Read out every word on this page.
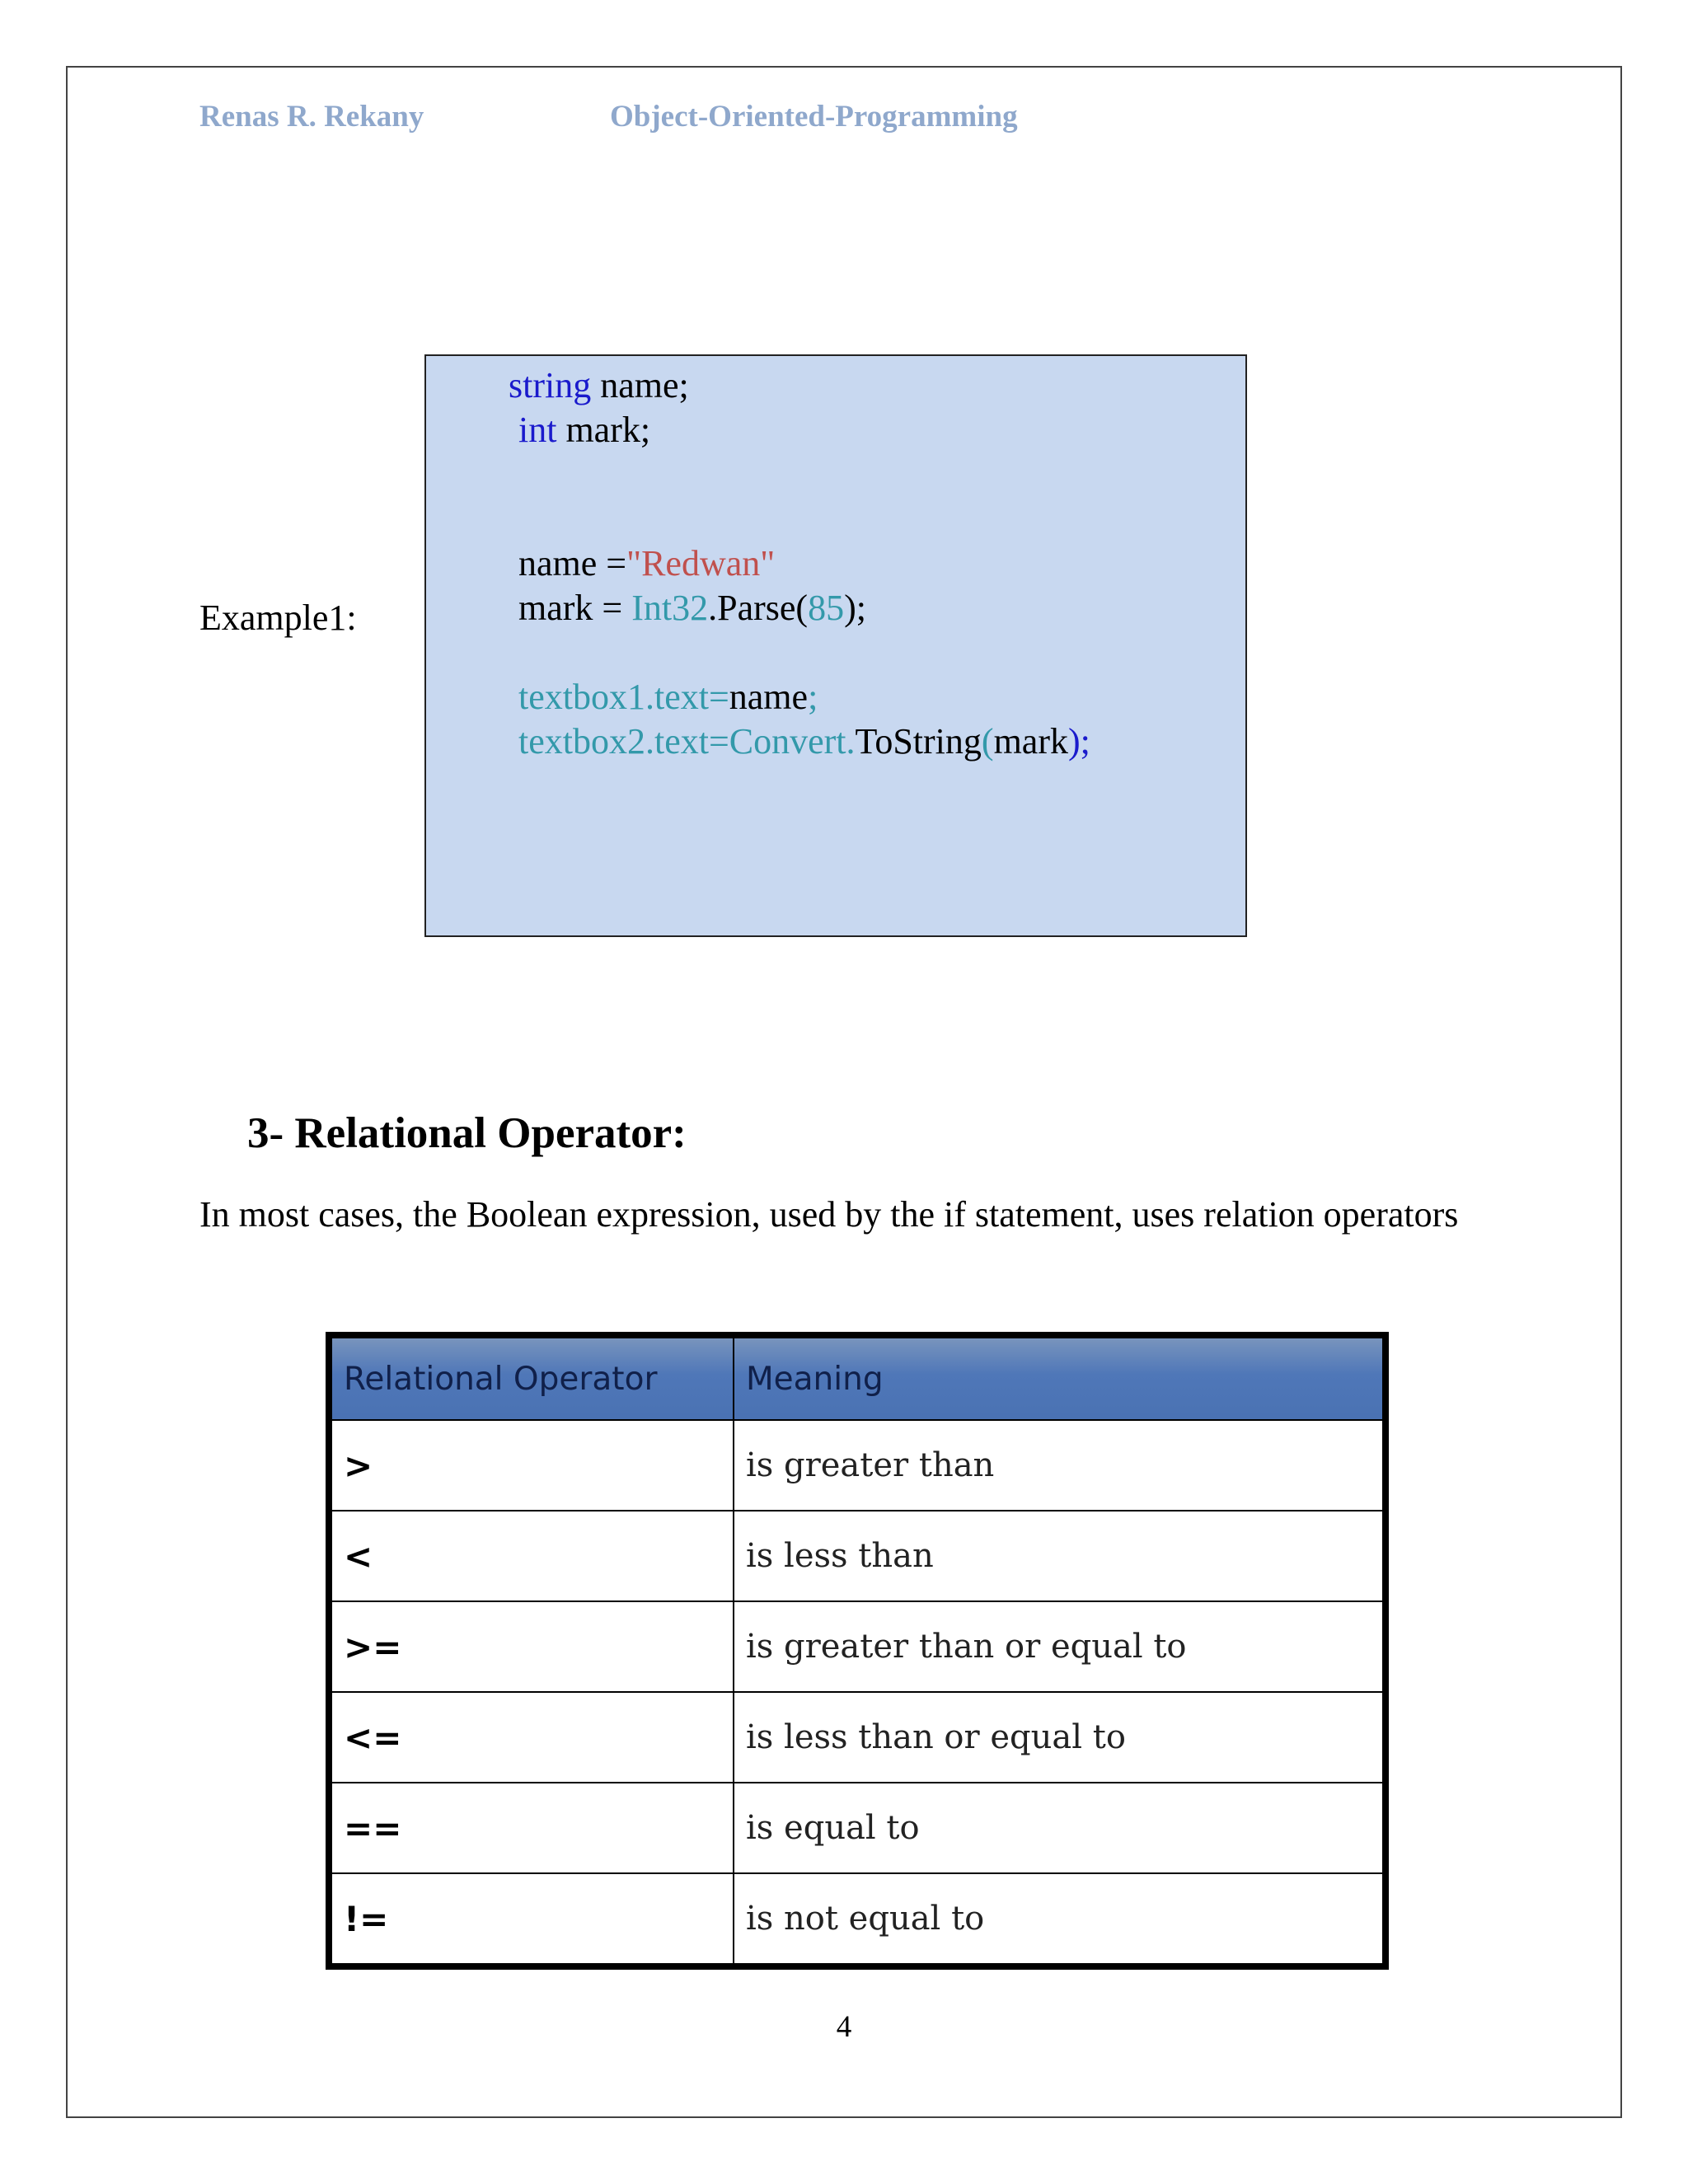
Renas R. Rekany	Object-Oriented-Programming
Example1:
string name;
int mark;
name ="Redwan"
mark = Int32.Parse(85);
textbox1.text=name;
textbox2.text=Convert.ToString(mark);
3- Relational Operator:
In most cases, the Boolean expression, used by the if statement, uses relation operators
Relational Operator	Meaning
>	is greater than
<	is less than
>=	is greater than or equal to
<=	is less than or equal to
==	is equal to
!=	is not equal to
4
